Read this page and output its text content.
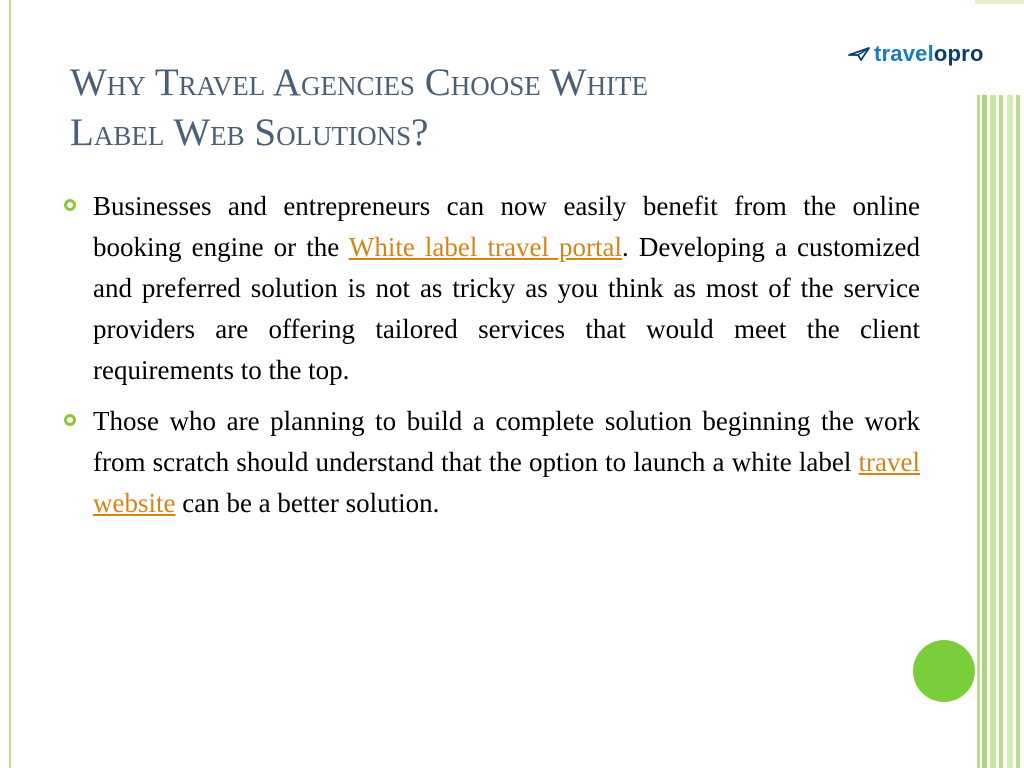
travelopro
Why Travel Agencies Choose White
Label Web Solutions?
Businesses and entrepreneurs can now easily benefit from the online booking engine or the White label travel portal. Developing a customized and preferred solution is not as tricky as you think as most of the service providers are offering tailored services that would meet the client requirements to the top.
Those who are planning to build a complete solution beginning the work from scratch should understand that the option to launch a white label travel website can be a better solution.
